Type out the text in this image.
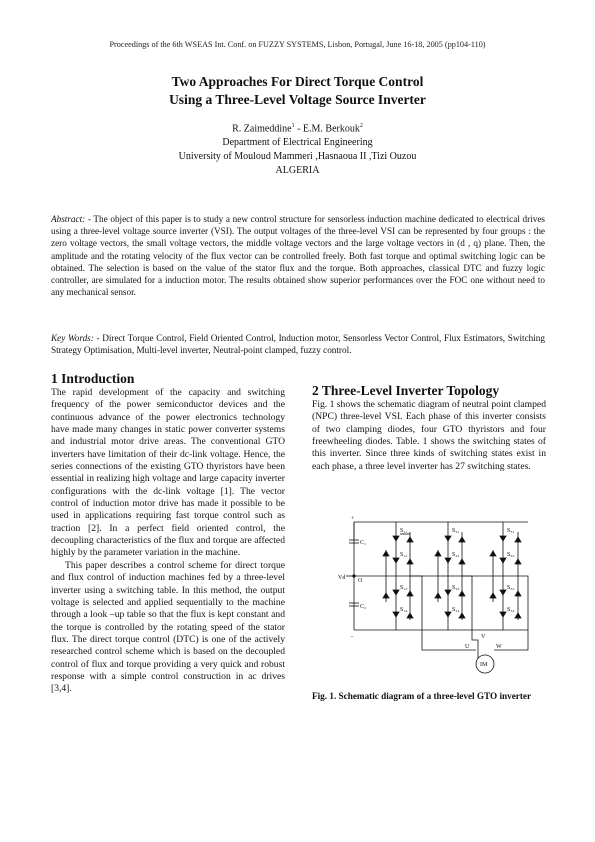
Proceedings of the 6th WSEAS Int. Conf. on FUZZY SYSTEMS, Lisbon, Portugal, June 16-18, 2005 (pp104-110)
Two Approaches For Direct Torque Control
Using a Three-Level Voltage Source Inverter
R. Zaimeddine$^1$ - E.M. Berkouk$^2$
Department of Electrical Engineering
University of Mouloud Mammeri ,Hasnaoua II ,Tizi Ouzou
ALGERIA
Abstract: - The object of this paper is to study a new control structure for sensorless induction machine dedicated to electrical drives using a three-level voltage source inverter (VSI). The output voltages of the three-level VSI can be represented by four groups : the zero voltage vectors, the small voltage vectors, the middle voltage vectors and the large voltage vectors in (d , q) plane. Then, the amplitude and the rotating velocity of the flux vector can be controlled freely. Both fast torque and optimal switching logic can be obtained. The selection is based on the value of the stator flux and the torque. Both approaches, classical DTC and fuzzy logic controller, are simulated for a induction motor. The results obtained show superior performances over the FOC one without need to any mechanical sensor.
Key Words: - Direct Torque Control, Field Oriented Control, Induction motor, Sensorless Vector Control, Flux Estimators, Switching Strategy Optimisation, Multi-level inverter, Neutral-point clamped, fuzzy control.
1 Introduction

The rapid development of the capacity and switching frequency of the power semiconductor devices and the continuous advance of the power electronics technology have made many changes in static power converter systems and industrial motor drive areas. The conventional GTO inverters have limitation of their dc-link voltage. Hence, the series connections of the existing GTO thyristors have been essential in realizing high voltage and large capacity inverter configurations with the dc-link voltage [1]. The vector control of induction motor drive has made it possible to be used in applications requiring fast torque control such as traction [2]. In a perfect field oriented control, the decoupling characteristics of the flux and torque are affected highly by the parameter variation in the machine.

This paper describes a control scheme for direct torque and flux control of induction machines fed by a three-level inverter using a switching table. In this method, the output voltage is selected and applied sequentially to the machine through a look –up table so that the flux is kept constant and the torque is controlled by the rotating speed of the stator flux. The direct torque control (DTC) is one of the actively researched control scheme which is based on the decoupled control of flux and torque providing a very quick and robust response with a simple control construction in ac drives [3,4].

2 Three-Level Inverter Topology

Fig. 1 shows the schematic diagram of neutral point clamped (NPC) three-level VSI. Each phase of this inverter consists of two clamping diodes, four GTO thyristors and four freewheeling diodes. Table. 1 shows the switching states of this inverter. Since three kinds of switching states exist in each phase, a three level inverter has 27 switching states.

+
C₁
C₂
Vd O
-
S₁₁
S₁₂
S₁₃
S₁₄
S₂₁
S₂₂
S₂₃
S₂₄
S₃₁
S₃₂
S₃₃
S₃₄
U
V
W
IM
Fig. 1. Schematic diagram of a three-level GTO inverter
